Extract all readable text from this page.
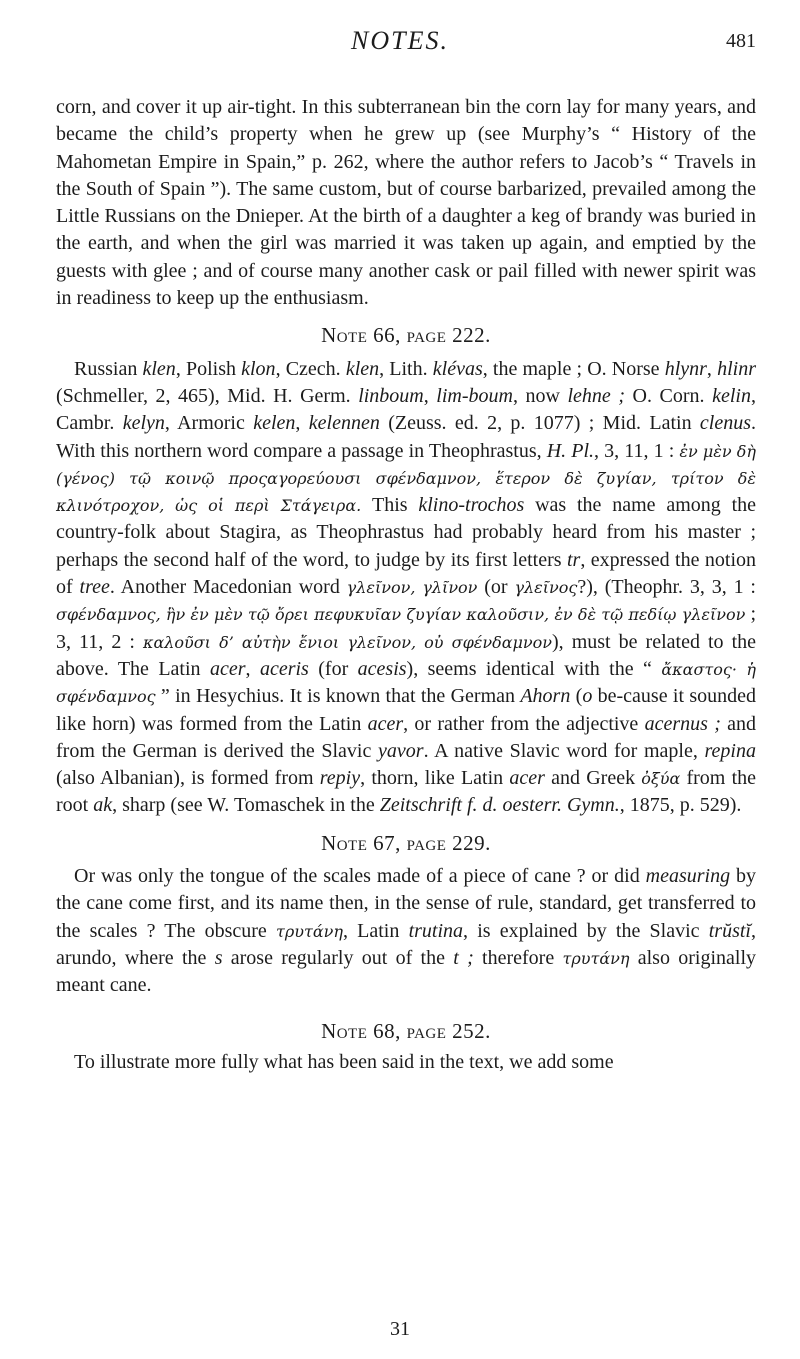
NOTES.	481

corn, and cover it up air-tight. In this subterranean bin the corn lay for many years, and became the child’s property when he grew up (see Murphy’s “ History of the Mahometan Empire in Spain,” p. 262, where the author refers to Jacob’s “ Travels in the South of Spain ”). The same custom, but of course barbarized, prevailed among the Little Russians on the Dnieper. At the birth of a daughter a keg of brandy was buried in the earth, and when the girl was married it was taken up again, and emptied by the guests with glee ; and of course many another cask or pail filled with newer spirit was in readiness to keep up the enthusiasm.

Note 66, page 222.

Russian klen, Polish klon, Czech. klen, Lith. klévas, the maple ; O. Norse hlynr, hlinr (Schmeller, 2, 465), Mid. H. Germ. linboum, lim-boum, now lehne ; O. Corn. kelin, Cambr. kelyn, Armoric kelen, kelennen (Zeuss. ed. 2, p. 1077) ; Mid. Latin clenus. With this northern word compare a passage in Theophrastus, H. Pl., 3, 11, 1 : ἐν μὲν δὴ (γένος) τῷ κοινῷ προςαγορεύουσι σφένδαμνον, ἕτερον δὲ ζυγίαν, τρίτον δὲ κλινότροχον, ὡς οἱ περὶ Στάγειρα. This klino-trochos was the name among the country-folk about Stagira, as Theophrastus had probably heard from his master ; perhaps the second half of the word, to judge by its first letters tr, expressed the notion of tree. Another Macedonian word γλεῖνον, γλῖνον (or γλεῖνος?), (Theophr. 3, 3, 1 : σφένδαμνος, ἣν ἐν μὲν τῷ ὄρει πεφυκυῖαν ζυγίαν καλοῦσιν, ἐν δὲ τῷ πεδίῳ γλεῖνον ; 3, 11, 2 : καλοῦσι δ’ αὐτὴν ἔνιοι γλεῖνον, οὐ σφένδαμνον), must be related to the above. The Latin acer, aceris (for acesis), seems identical with the “ ἄκαστος· ἡ σφένδαμνος ” in Hesychius. It is known that the German Ahorn (o be-cause it sounded like horn) was formed from the Latin acer, or rather from the adjective acernus ; and from the German is derived the Slavic yavor. A native Slavic word for maple, repina (also Albanian), is formed from repiy, thorn, like Latin acer and Greek ὀξύα from the root ak, sharp (see W. Tomaschek in the Zeitschrift f. d. oesterr. Gymn., 1875, p. 529).

Note 67, page 229.

Or was only the tongue of the scales made of a piece of cane ? or did measuring by the cane come first, and its name then, in the sense of rule, standard, get transferred to the scales ? The obscure τρυτάνη, Latin trutina, is explained by the Slavic trŭstĭ, arundo, where the s arose regularly out of the t ; therefore τρυτάνη also originally meant cane.

Note 68, page 252.

To illustrate more fully what has been said in the text, we add some

31
